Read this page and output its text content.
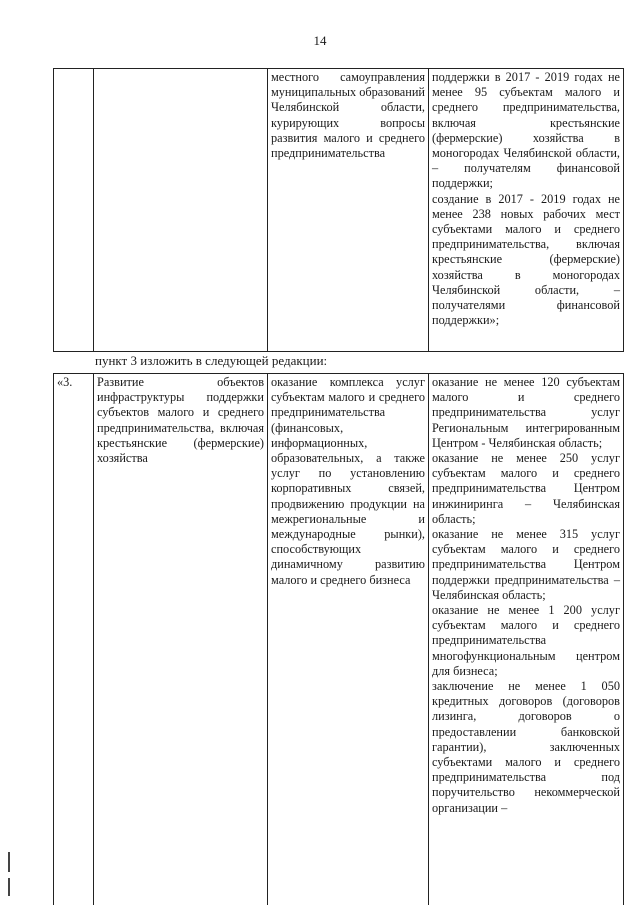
14
		местного самоуправления муниципальных образований Челябинской области, курирующих вопросы развития малого и среднего предпринимательства	поддержки в 2017 - 2019 годах не менее 95 субъектам малого и среднего предпринимательства, включая крестьянские (фермерские) хозяйства в моногородах Челябинской области, – получателям финансовой поддержки;
создание в 2017 - 2019 годах не менее 238 новых рабочих мест субъектами малого и среднего предпринимательства, включая крестьянские (фермерские) хозяйства в моногородах Челябинской области, – получателями финансовой поддержки»;
пункт 3 изложить в следующей редакции:
«3.	Развитие объектов инфраструктуры поддержки субъектов малого и среднего предпринимательства, включая крестьянские (фермерские) хозяйства	оказание комплекса услуг субъектам малого и среднего предпринимательства (финансовых, информационных, образовательных, а также услуг по установлению корпоративных связей, продвижению продукции на межрегиональные и международные рынки), способствующих динамичному развитию малого и среднего бизнеса	оказание не менее 120 субъектам малого и среднего предпринимательства услуг Региональным интегрированным Центром - Челябинская область;
оказание не менее 250 услуг субъектам малого и среднего предпринимательства Центром инжиниринга – Челябинская область;
оказание не менее 315 услуг субъектам малого и среднего предпринимательства Центром поддержки предпринимательства – Челябинская область;
оказание не менее 1 200 услуг субъектам малого и среднего предпринимательства многофункциональным центром для бизнеса;
заключение не менее 1 050 кредитных договоров (договоров лизинга, договоров о предоставлении банковской гарантии), заключенных субъектами малого и среднего предпринимательства под поручительство некоммерческой организации –
